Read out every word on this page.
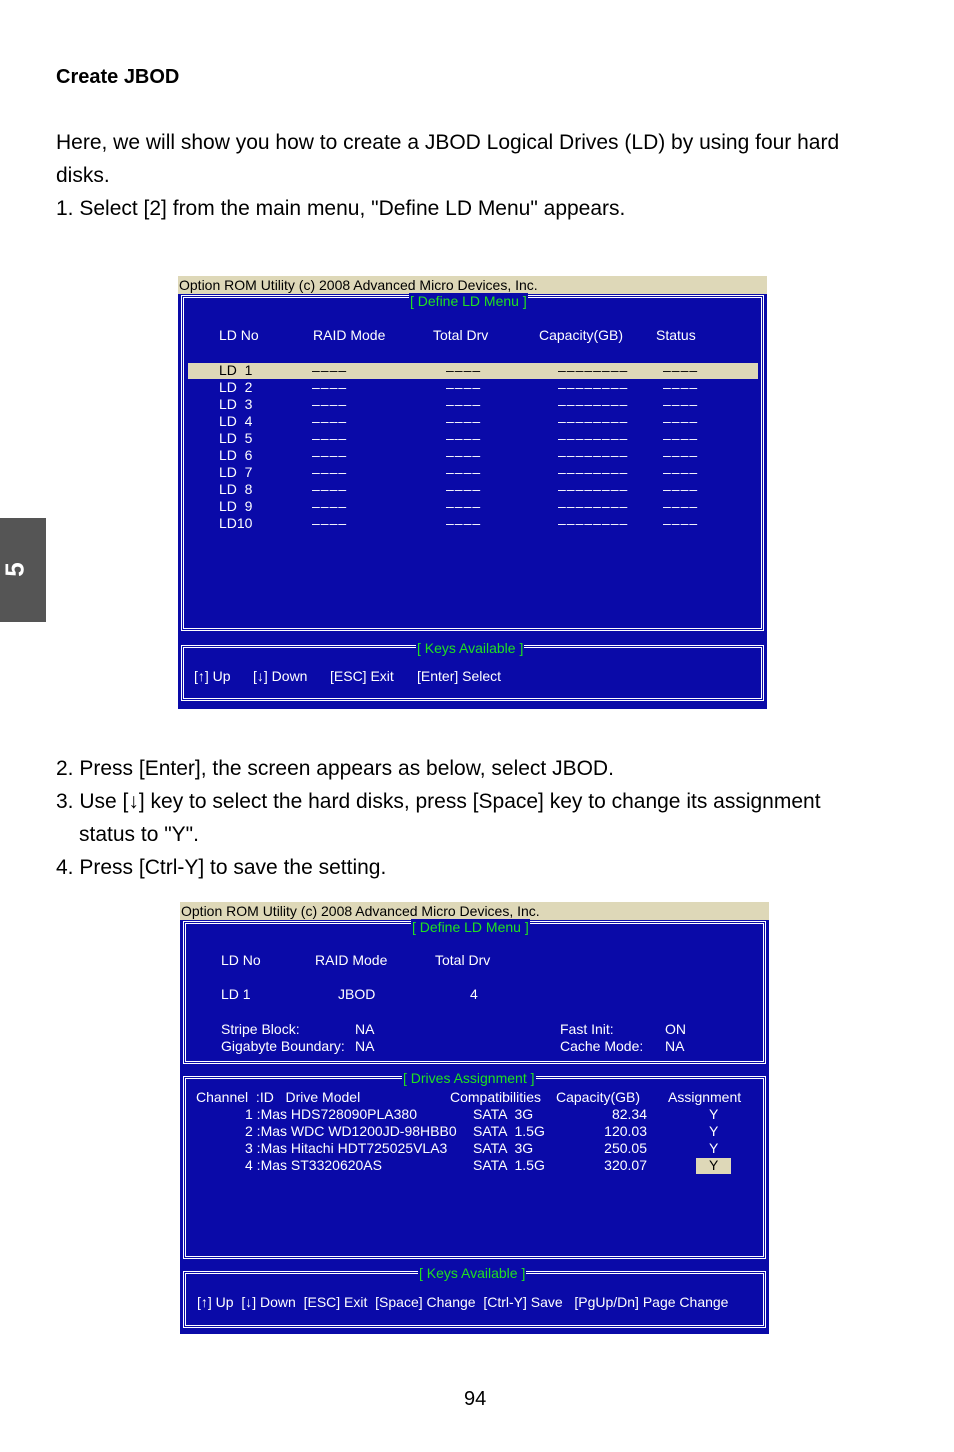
Create JBOD
Here, we will show you how to create a JBOD Logical Drives (LD) by using four hard disks.
1. Select [2] from the main menu, "Define LD Menu" appears.
5
Option ROM Utility (c) 2008 Advanced Micro Devices, Inc.
[ Define LD Menu ]
LD No	RAID Mode	Total Drv	Capacity(GB) Status
LD  1	––––	––––	–––––––– ––––
LD  2	––––	––––	–––––––– ––––
LD  3	––––	––––	–––––––– ––––
LD  4	––––	––––	–––––––– ––––
LD  5	––––	––––	–––––––– ––––
LD  6	––––	––––	–––––––– ––––
LD  7	––––	––––	–––––––– ––––
LD  8	––––	––––	–––––––– ––––
LD  9	––––	––––	–––––––– ––––
LD10	––––	––––	–––––––– ––––
[ Keys Available ]
[↑] Up [↓] Down [ESC] Exit [Enter] Select
2. Press [Enter], the screen appears as below, select JBOD.
3. Use [↓] key to select the hard disks, press [Space] key to change its assignment
status to "Y".
4. Press [Ctrl-Y] to save the setting.
Option ROM Utility (c) 2008 Advanced Micro Devices, Inc.
[ Define LD Menu ]
LD No	RAID Mode	Total Drv
LD 1	JBOD	4
Stripe Block:	NA
Gigabyte Boundary: NA
Fast Init:	ON
Cache Mode: NA
[ Drives Assignment ]
Channel  :ID   Drive Model	Compatibilities Capacity(GB) Assignment
1 :Mas HDS728090PLA380	SATA  3G	82.34	Y
2 :Mas WDC WD1200JD-98HBB0 SATA  1.5G	120.03	Y
3 :Mas Hitachi HDT725025VLA3 SATA  3G	250.05	Y
4 :Mas ST3320620AS	SATA  1.5G	320.07	Y
[ Keys Available ]
[↑] Up  [↓] Down  [ESC] Exit  [Space] Change  [Ctrl-Y] Save   [PgUp/Dn] Page Change
94
